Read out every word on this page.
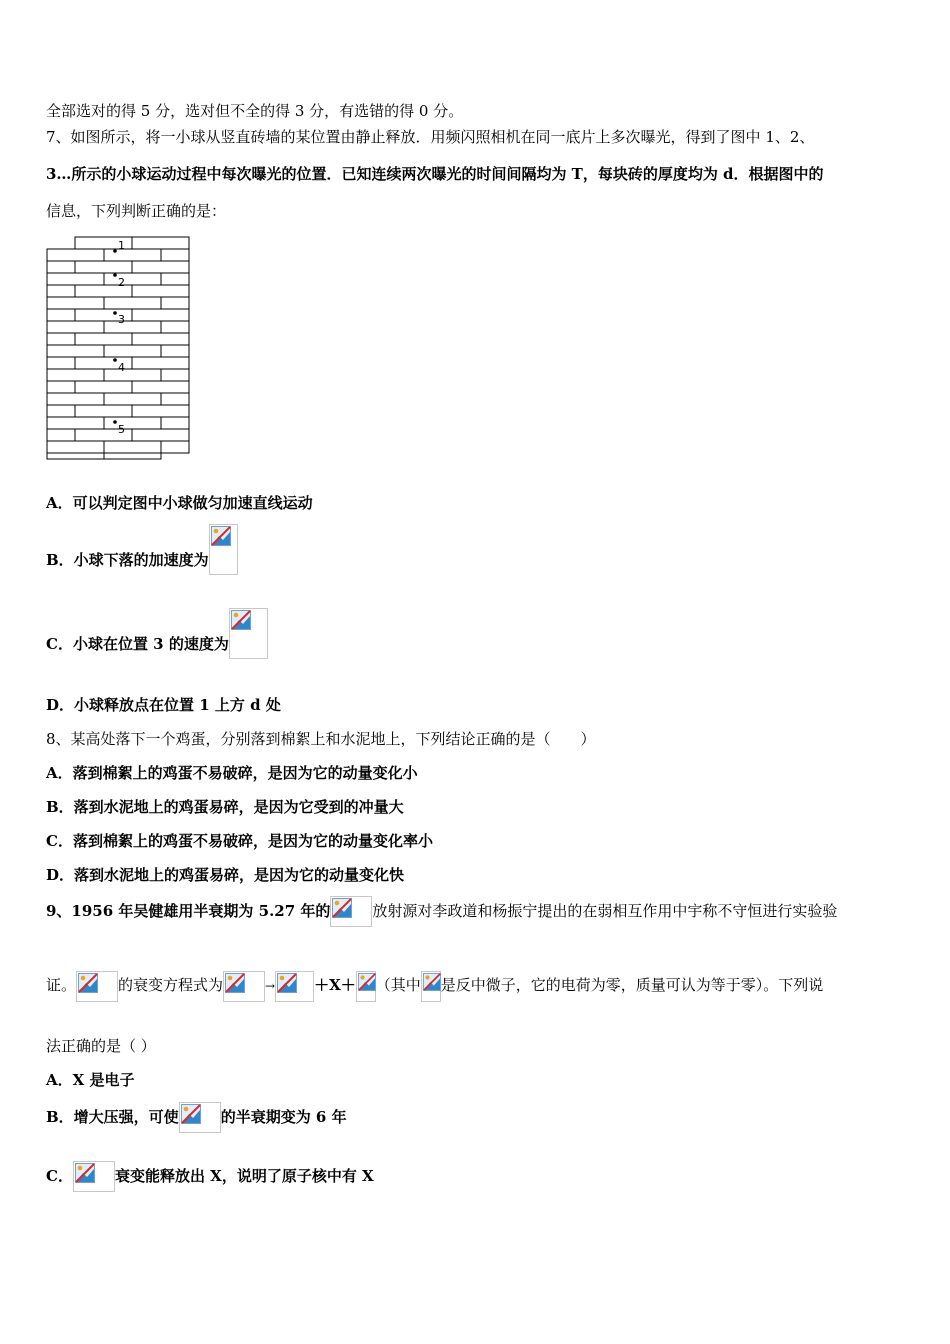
全部选对的得 5 分，选对但不全的得 3 分，有选错的得 0 分。
7、如图所示，将一小球从竖直砖墙的某位置由静止释放．用频闪照相机在同一底片上多次曝光，得到了图中 1、2、
3…所示的小球运动过程中每次曝光的位置．已知连续两次曝光的时间间隔均为 T，每块砖的厚度均为 d．根据图中的
信息，下列判断正确的是：
1
2
3
4
5
A．可以判定图中小球做匀加速直线运动
B．小球下落的加速度为
C．小球在位置 3 的速度为
D．小球释放点在位置 1 上方 d 处
8、某高处落下一个鸡蛋，分别落到棉絮上和水泥地上，下列结论正确的是（　　）
A．落到棉絮上的鸡蛋不易破碎，是因为它的动量变化小
B．落到水泥地上的鸡蛋易碎，是因为它受到的冲量大
C．落到棉絮上的鸡蛋不易破碎，是因为它的动量变化率小
D．落到水泥地上的鸡蛋易碎，是因为它的动量变化快
9、1956 年吴健雄用半衰期为 5.27 年的	放射源对李政道和杨振宁提出的在弱相互作用中宇称不守恒进行实验验
证。	的衰变方程式为	→	＋X＋ （其中 是反中微子，它的电荷为零，质量可认为等于零）。下列说
法正确的是（ ）
A．X 是电子
B．增大压强，可使	的半衰期变为 6 年
C．	衰变能释放出 X，说明了原子核中有 X
